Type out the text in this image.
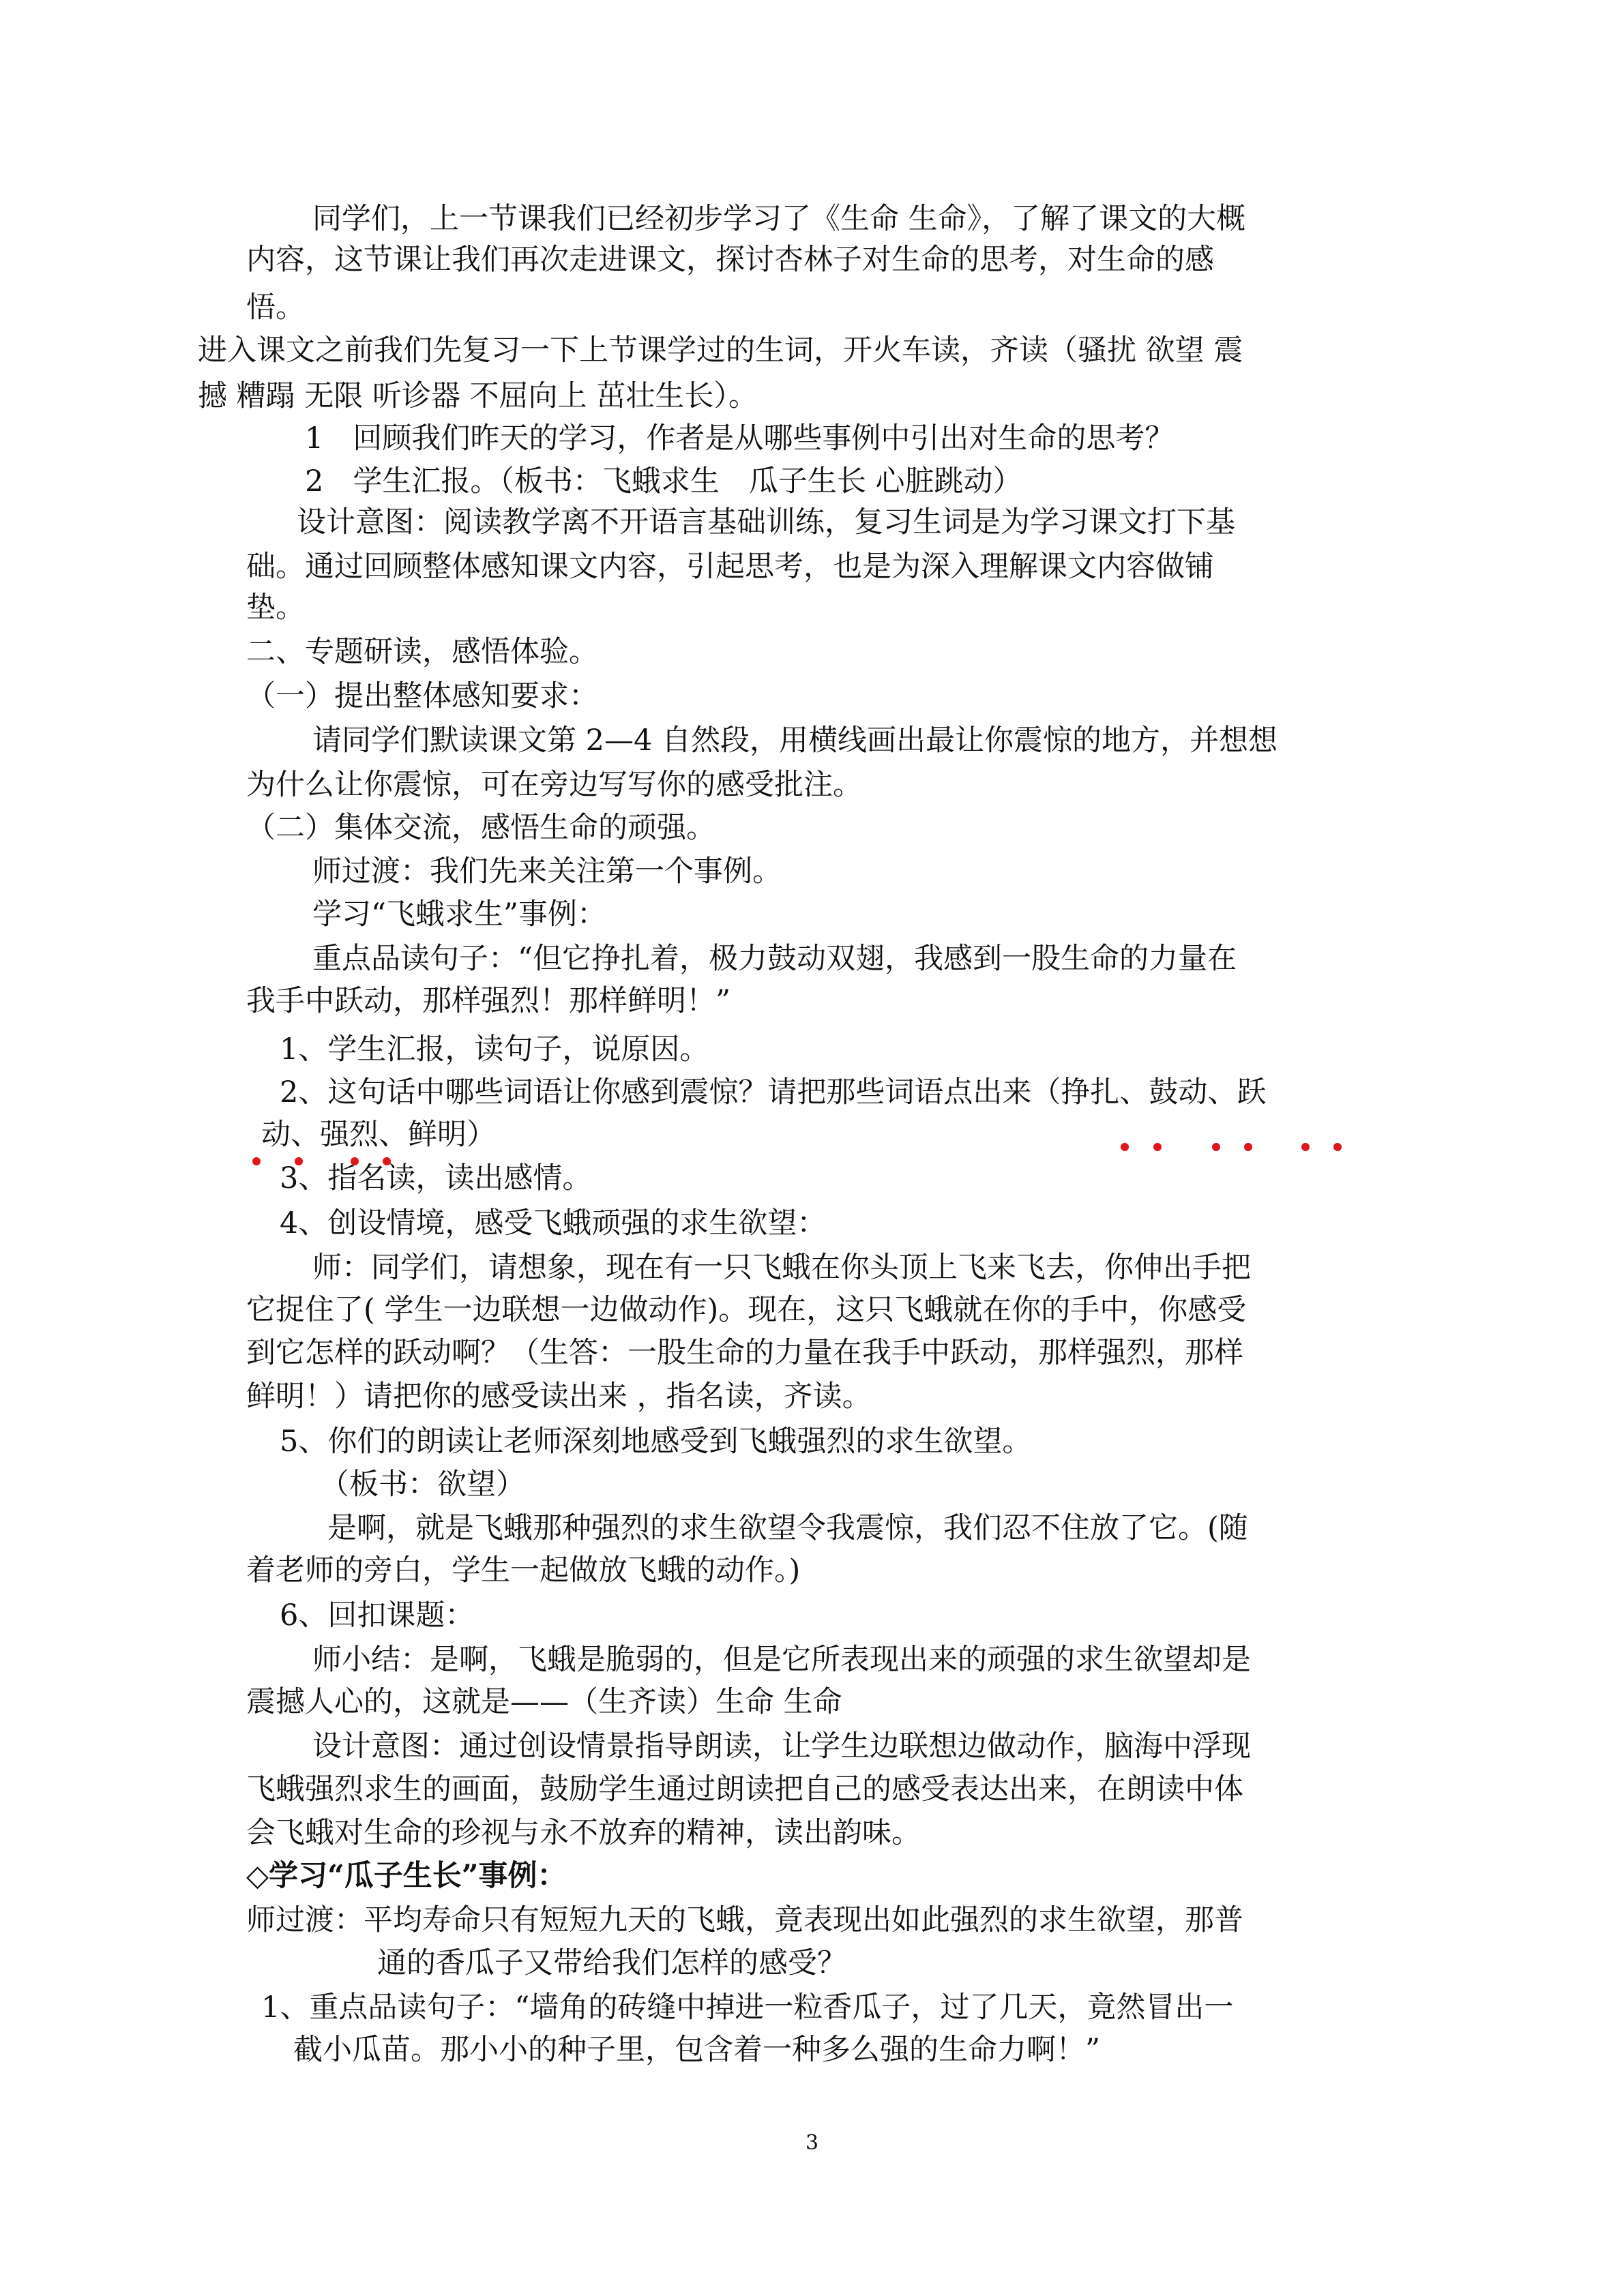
同学们，上一节课我们已经初步学习了《生命 生命》，了解了课文的大概
内容，这节课让我们再次走进课文，探讨杏林子对生命的思考，对生命的感
悟。
进入课文之前我们先复习一下上节课学过的生词，开火车读，齐读（骚扰 欲望 震
撼 糟蹋 无限 听诊器 不屈向上 茁壮生长）。
1　回顾我们昨天的学习，作者是从哪些事例中引出对生命的思考？
2　学生汇报。（板书：飞蛾求生　瓜子生长 心脏跳动）
设计意图：阅读教学离不开语言基础训练，复习生词是为学习课文打下基
础。通过回顾整体感知课文内容，引起思考，也是为深入理解课文内容做铺
垫。
二、专题研读，感悟体验。
（一）提出整体感知要求：
请同学们默读课文第 2—4 自然段，用横线画出最让你震惊的地方，并想想
为什么让你震惊，可在旁边写写你的感受批注。
（二）集体交流，感悟生命的顽强。
师过渡：我们先来关注第一个事例。
学习“飞蛾求生”事例：
重点品读句子：“但它挣扎着，极力鼓动双翅，我感到一股生命的力量在
我手中跃动，那样强烈！那样鲜明！”
1、学生汇报，读句子，说原因。
2、这句话中哪些词语让你感到震惊？请把那些词语点出来（挣扎、鼓动、跃
动、强烈、鲜明）
3、指名读，读出感情。
4、创设情境，感受飞蛾顽强的求生欲望：
师：同学们，请想象，现在有一只飞蛾在你头顶上飞来飞去，你伸出手把
它捉住了( 学生一边联想一边做动作)。现在，这只飞蛾就在你的手中，你感受
到它怎样的跃动啊？（生答：一股生命的力量在我手中跃动，那样强烈，那样
鲜明！）请把你的感受读出来 ，指名读，齐读。
5、你们的朗读让老师深刻地感受到飞蛾强烈的求生欲望。
（板书：欲望）
是啊，就是飞蛾那种强烈的求生欲望令我震惊，我们忍不住放了它。(随
着老师的旁白，学生一起做放飞蛾的动作。)
6、回扣课题：
师小结：是啊，飞蛾是脆弱的，但是它所表现出来的顽强的求生欲望却是
震撼人心的，这就是——（生齐读）生命 生命
设计意图：通过创设情景指导朗读，让学生边联想边做动作，脑海中浮现
飞蛾强烈求生的画面，鼓励学生通过朗读把自己的感受表达出来，在朗读中体
会飞蛾对生命的珍视与永不放弃的精神，读出韵味。
◇学习“瓜子生长”事例：
师过渡：平均寿命只有短短九天的飞蛾，竟表现出如此强烈的求生欲望，那普
通的香瓜子又带给我们怎样的感受？
1、重点品读句子：“墙角的砖缝中掉进一粒香瓜子，过了几天，竟然冒出一
截小瓜苗。那小小的种子里，包含着一种多么强的生命力啊！”
3
